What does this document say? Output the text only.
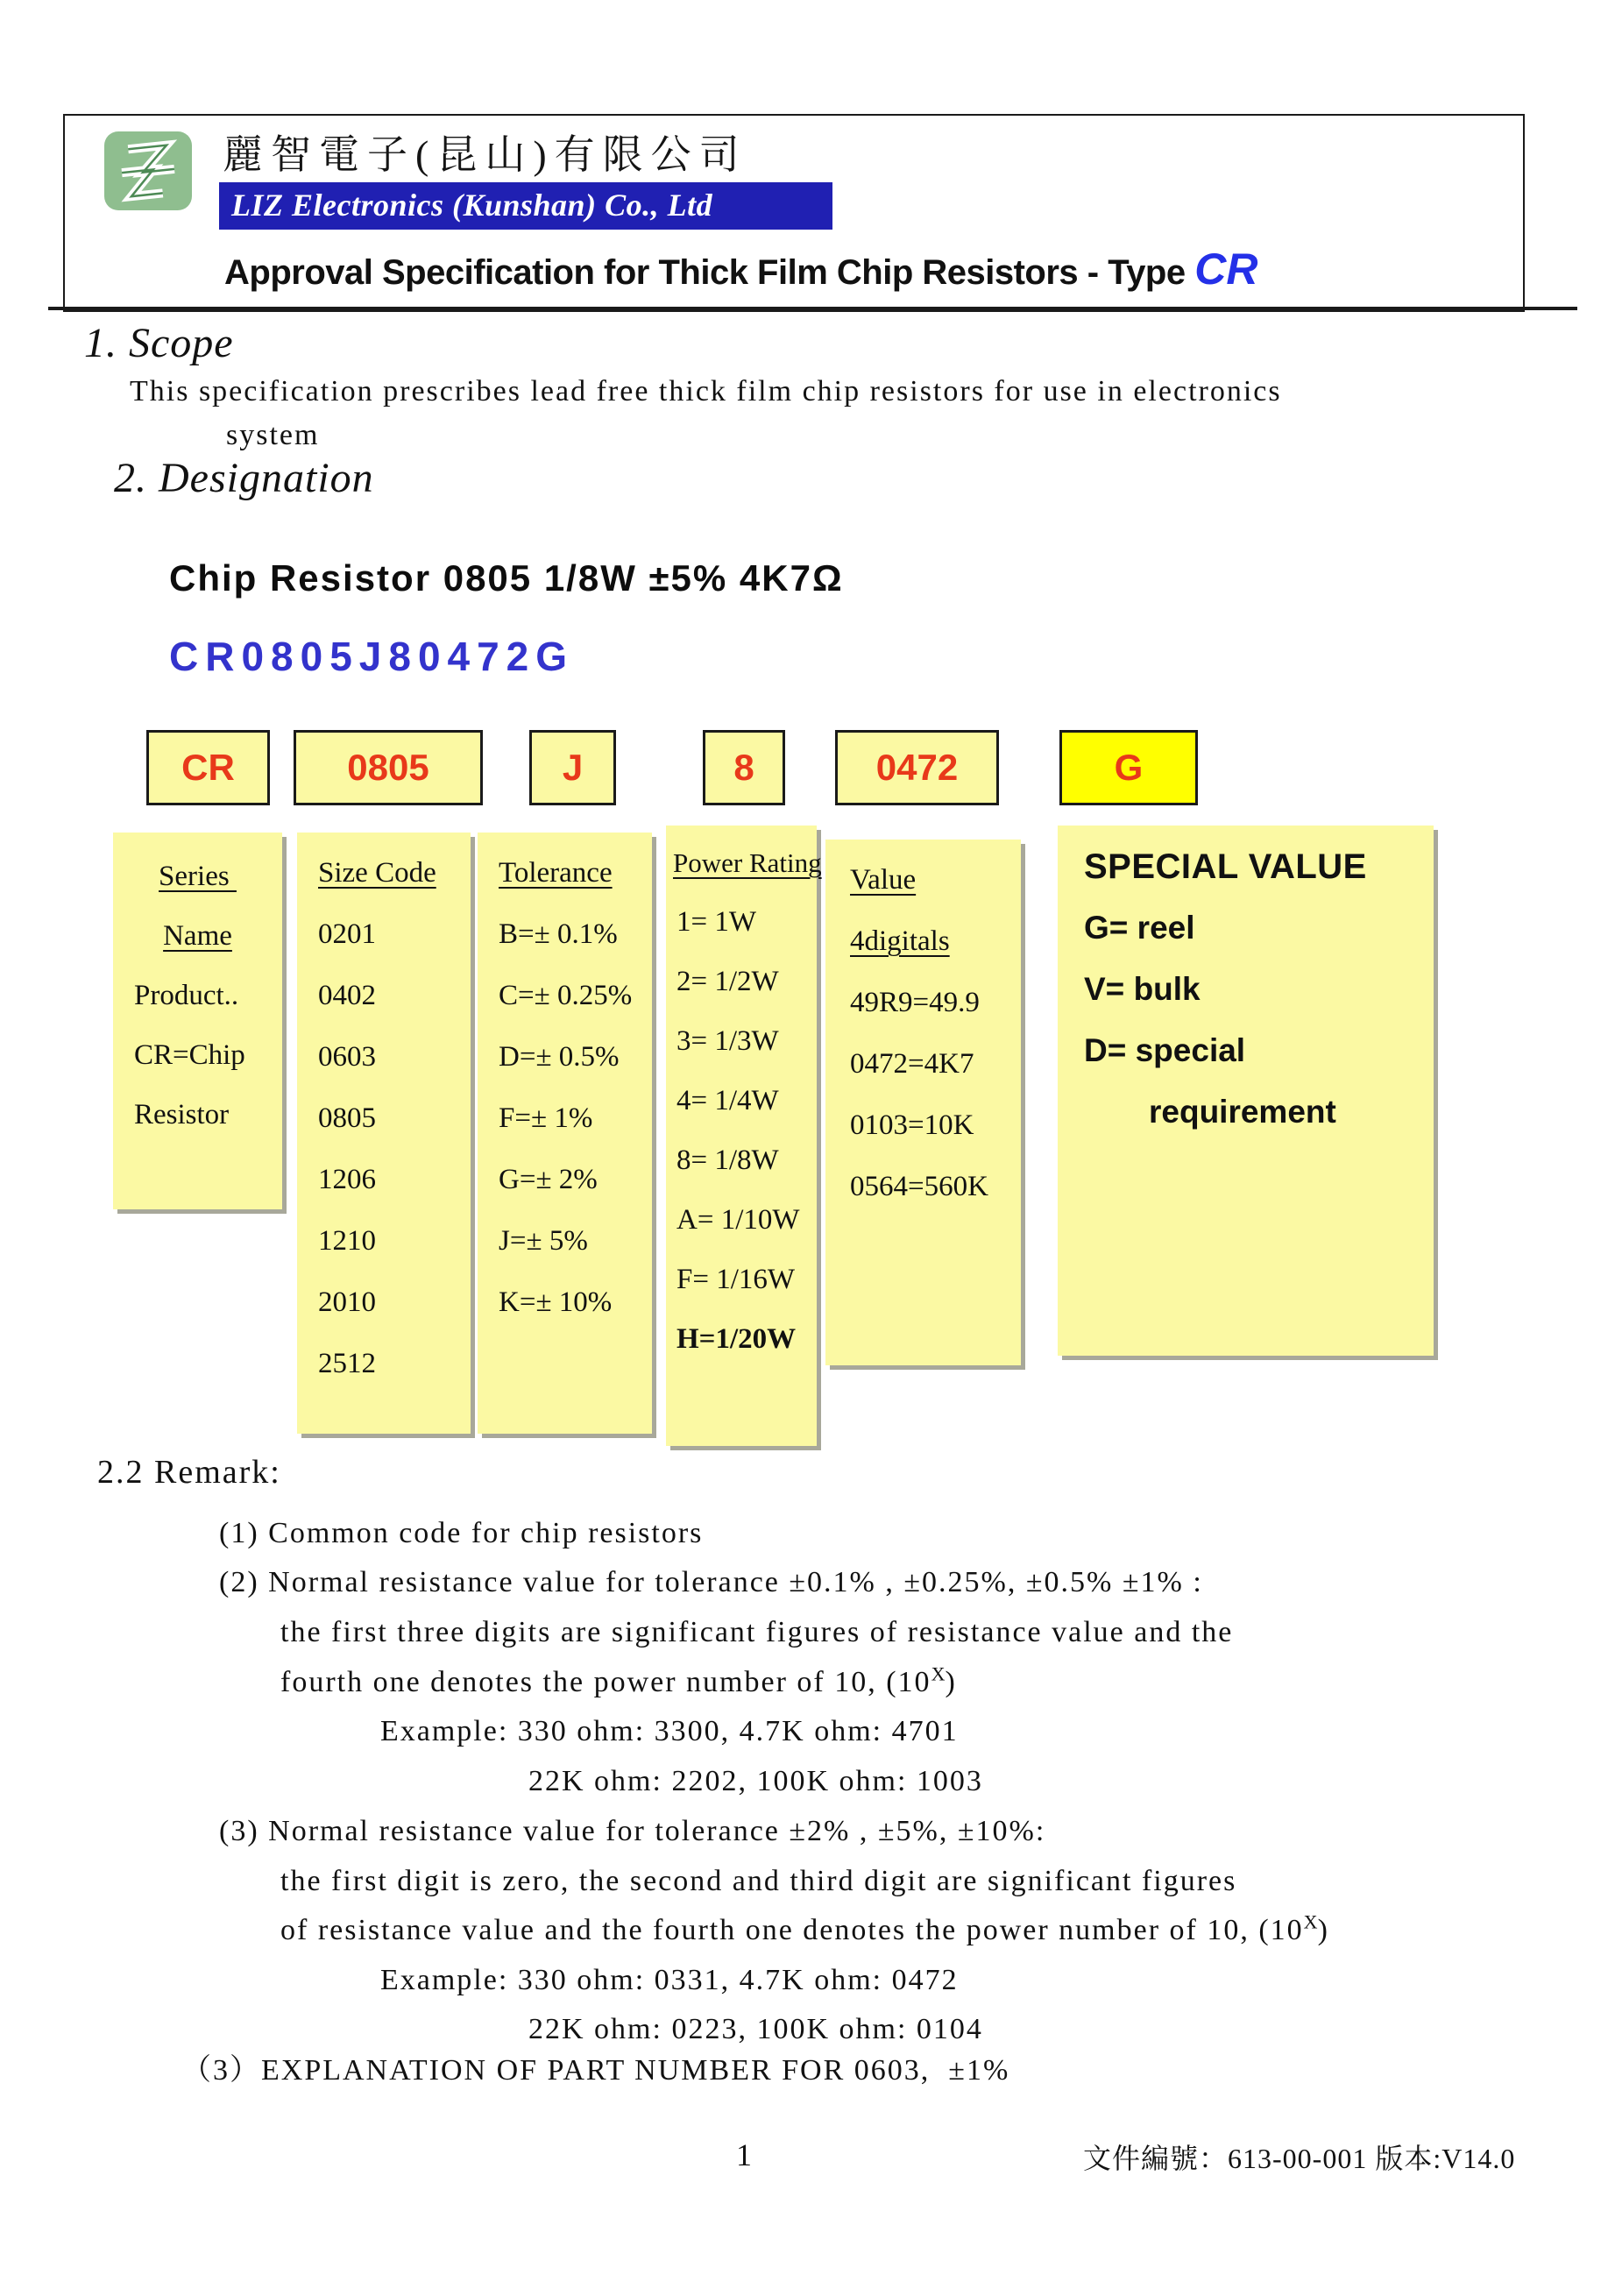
麗智電子(昆山)有限公司
LIZ Electronics (Kunshan) Co., Ltd
Approval Specification for Thick Film Chip Resistors - Type CR
1. Scope
This specification prescribes lead free thick film chip resistors for use in electronics
system
2. Designation
Chip Resistor 0805 1/8W ±5% 4K7Ω
CR0805J80472G
CR	0805	J	8	0472	G
Series
Name
Product..
CR=Chip
Resistor
Size Code
0201
0402
0603
0805
1206
1210
2010
2512
Tolerance
B=± 0.1%
C=± 0.25%
D=± 0.5%
F=± 1%
G=± 2%
J=± 5%
K=± 10%
Power Rating
1= 1W
2= 1/2W
3= 1/3W
4= 1/4W
8= 1/8W
A= 1/10W
F= 1/16W
H=1/20W
Value
4digitals
49R9=49.9
0472=4K7
0103=10K
0564=560K
SPECIAL VALUE
G= reel
V= bulk
D= special
requirement
2.2 Remark:
(1) Common code for chip resistors
(2) Normal resistance value for tolerance ±0.1% , ±0.25%, ±0.5% ±1% :
the first three digits are significant figures of resistance value and the
fourth one denotes the power number of 10, $(10^X)$
Example: 330 ohm: 3300, 4.7K ohm: 4701
22K ohm: 2202, 100K ohm: 1003
(3) Normal resistance value for tolerance ±2% , ±5%, ±10%:
the first digit is zero, the second and third digit are significant figures
of resistance value and the fourth one denotes the power number of 10, $(10^X)$
Example: 330 ohm: 0331, 4.7K ohm: 0472
22K ohm: 0223, 100K ohm: 0104
（3）EXPLANATION OF PART NUMBER FOR 0603,  ±1%
1	文件編號：613-00-001 版本:V14.0
